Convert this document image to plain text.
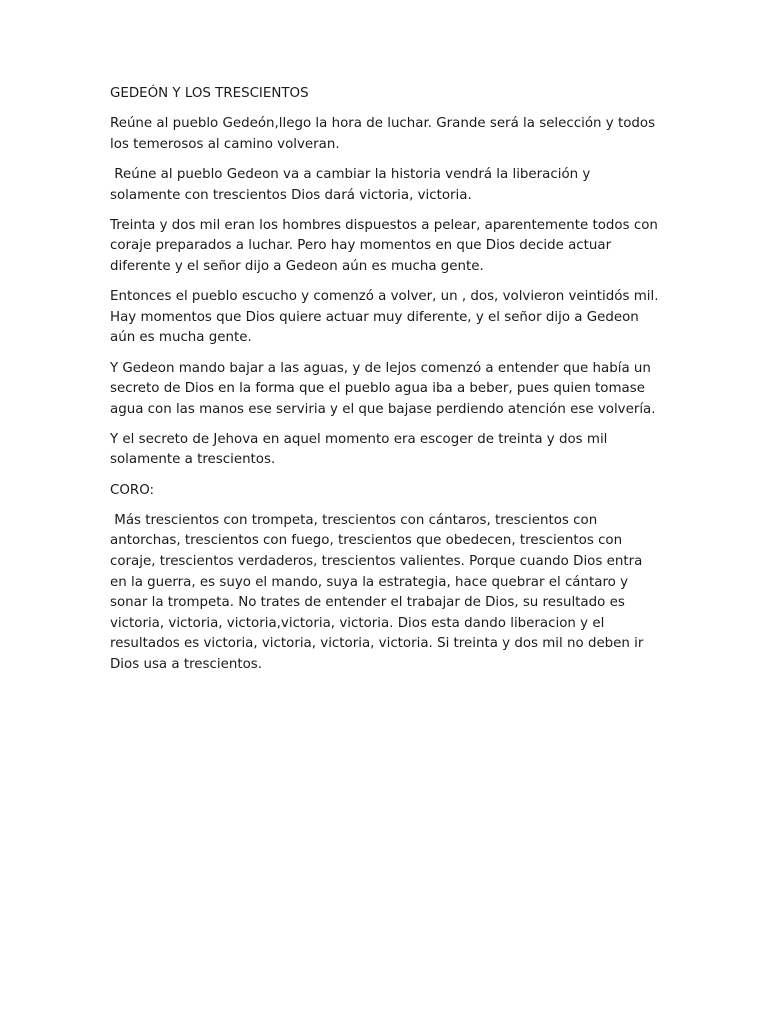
GEDEÓN Y LOS TRESCIENTOS

Reúne al pueblo Gedeón,llego la hora de luchar. Grande será la selección y todos los temerosos al camino volveran.

Reúne al pueblo Gedeon va a cambiar la historia vendrá la liberación y solamente con trescientos Dios dará victoria, victoria.

Treinta y dos mil eran los hombres dispuestos a pelear, aparentemente todos con coraje preparados a luchar. Pero hay momentos en que Dios decide actuar diferente y el señor dijo a Gedeon aún es mucha gente.

Entonces el pueblo escucho y comenzó a volver, un , dos, volvieron veintidós mil. Hay momentos que Dios quiere actuar muy diferente, y el señor dijo a Gedeon aún es mucha gente.

Y Gedeon mando bajar a las aguas, y de lejos comenzó a entender que había un secreto de Dios en la forma que el pueblo agua iba a beber, pues quien tomase agua con las manos ese serviria y el que bajase perdiendo atención ese volvería.

Y el secreto de Jehova en aquel momento era escoger de treinta y dos mil solamente a trescientos.

CORO:

Más trescientos con trompeta, trescientos con cántaros, trescientos con antorchas, trescientos con fuego, trescientos que obedecen, trescientos con coraje, trescientos verdaderos, trescientos valientes. Porque cuando Dios entra en la guerra, es suyo el mando, suya la estrategia, hace quebrar el cántaro y sonar la trompeta. No trates de entender el trabajar de Dios, su resultado es victoria, victoria, victoria,victoria, victoria. Dios esta dando liberacion y el resultados es victoria, victoria, victoria, victoria. Si treinta y dos mil no deben ir Dios usa a trescientos.
